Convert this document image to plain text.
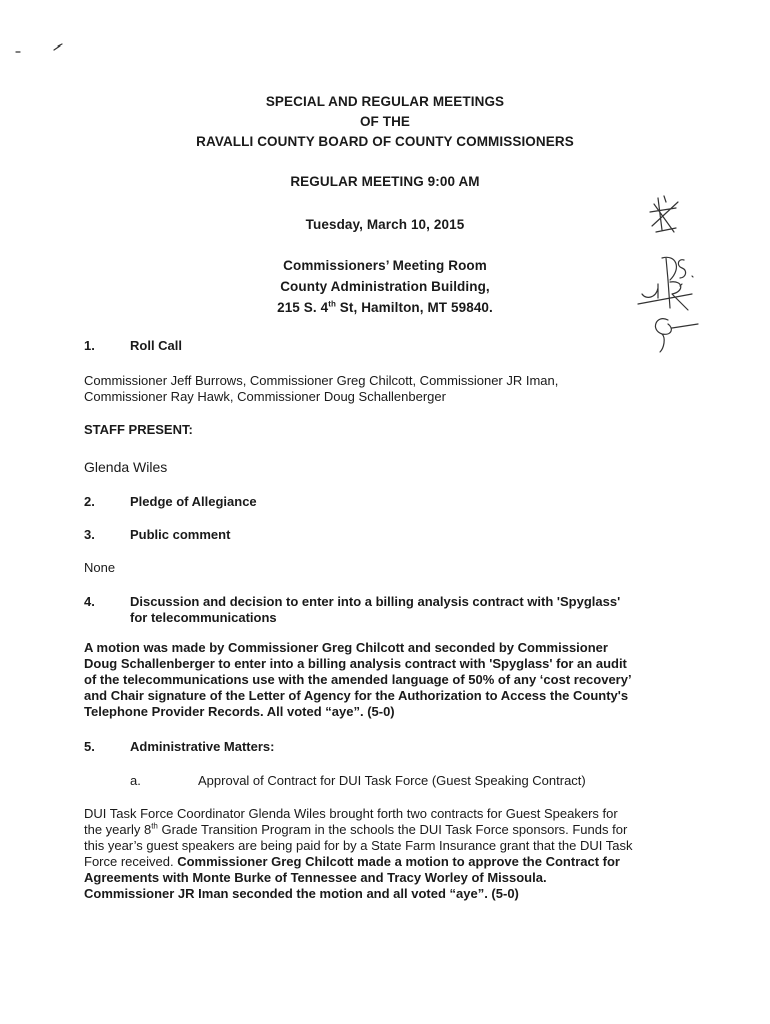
SPECIAL AND REGULAR MEETINGS
OF THE
RAVALLI COUNTY BOARD OF COUNTY COMMISSIONERS
REGULAR MEETING 9:00 AM
Tuesday, March 10, 2015
Commissioners’ Meeting Room
County Administration Building,
215 S. 4th St, Hamilton, MT 59840.
1.	Roll Call
Commissioner Jeff Burrows, Commissioner Greg Chilcott, Commissioner JR Iman,
Commissioner Ray Hawk, Commissioner Doug Schallenberger
STAFF PRESENT:
Glenda Wiles
2.	Pledge of Allegiance
3.	Public comment
None
4.	Discussion and decision to enter into a billing analysis contract with 'Spyglass'
for telecommunications
A motion was made by Commissioner Greg Chilcott and seconded by Commissioner
Doug Schallenberger to enter into a billing analysis contract with 'Spyglass' for an audit
of the telecommunications use with the amended language of 50% of any ‘cost recovery’
and Chair signature of the Letter of Agency for the Authorization to Access the County's
Telephone Provider Records. All voted “aye”. (5-0)
5.	Administrative Matters:
a.	Approval of Contract for DUI Task Force (Guest Speaking Contract)
DUI Task Force Coordinator Glenda Wiles brought forth two contracts for Guest Speakers for
the yearly 8th Grade Transition Program in the schools the DUI Task Force sponsors. Funds for
this year’s guest speakers are being paid for by a State Farm Insurance grant that the DUI Task
Force received. Commissioner Greg Chilcott made a motion to approve the Contract for
Agreements with Monte Burke of Tennessee and Tracy Worley of Missoula.
Commissioner JR Iman seconded the motion and all voted “aye”. (5-0)
